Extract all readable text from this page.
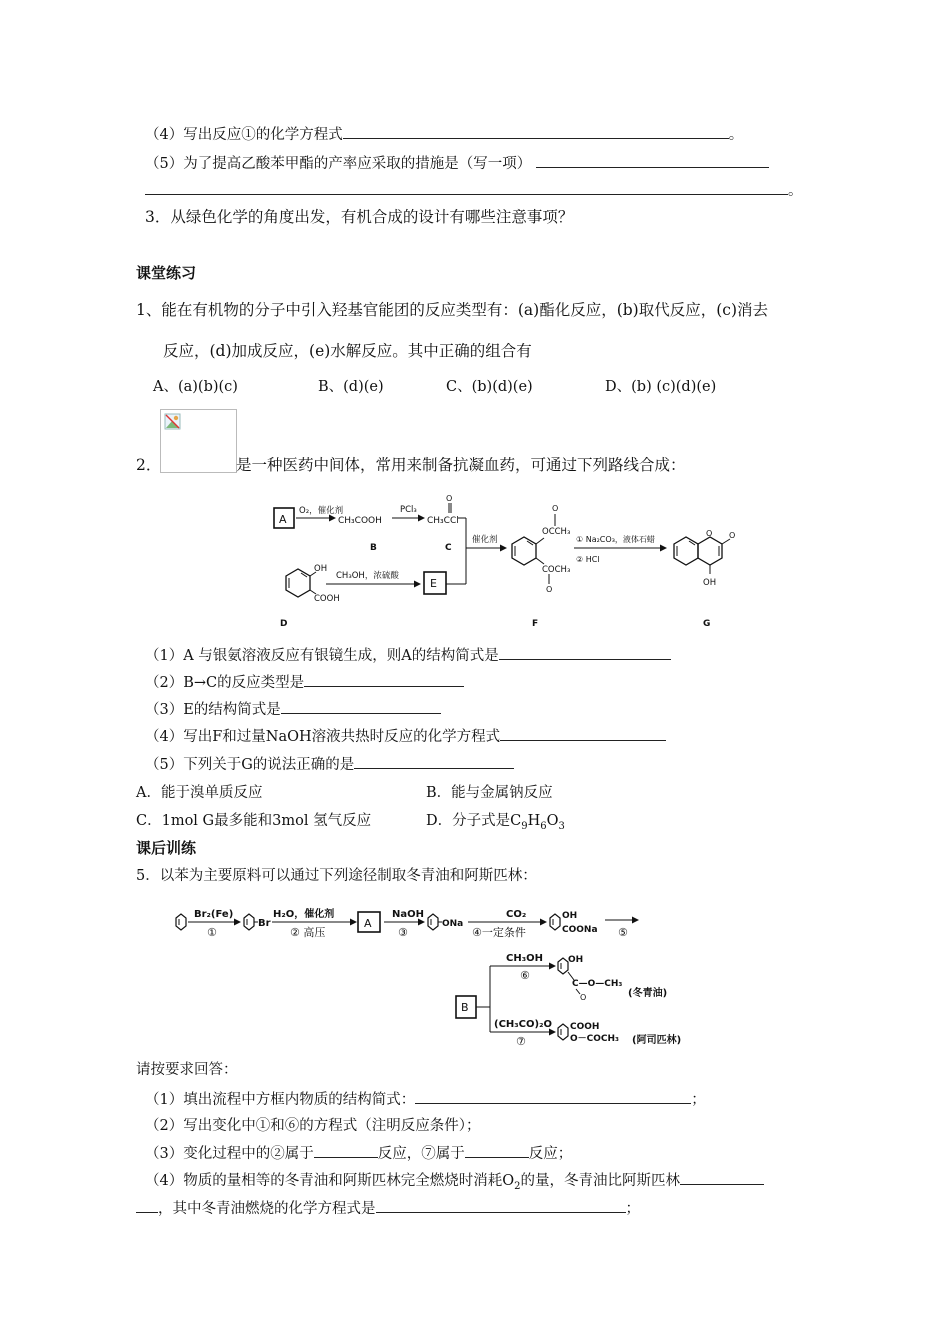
（4）写出反应①的化学方程式	。
（5）为了提高乙酸苯甲酯的产率应采取的措施是（写一项）
。
3．从绿色化学的角度出发，有机合成的设计有哪些注意事项？
课堂练习
1、能在有机物的分子中引入羟基官能团的反应类型有：(a)酯化反应，(b)取代反应，(c)消去
反应，(d)加成反应，(e)水解反应。其中正确的组合有
A、(a)(b)(c)	B、(d)(e)	C、(b)(d)(e)	D、(b) (c)(d)(e)
2．	是一种医药中间体，常用来制备抗凝血药，可通过下列路线合成：
A
O₂，催化剂
CH₃COOH
B
PCl₃
CH₃CCl
O
C
OH
COOH
D
CH₃OH，浓硫酸
E
催化剂
OCCH₃
O
COCH₃
O
F
① Na₂CO₃，液体石蜡
② HCl
O O
OH
G
（1）A 与银氨溶液反应有银镜生成，则A的结构简式是
（2）B→C的反应类型是
（3）E的结构简式是
（4）写出F和过量NaOH溶液共热时反应的化学方程式
（5）下列关于G的说法正确的是
A．能于溴单质反应	B．能与金属钠反应
C．1mol G最多能和3mol 氢气反应	D．分子式是$C_9H_6O_3$
课后训练
5．以苯为主要原料可以通过下列途径制取冬青油和阿斯匹林：
Br₂(Fe)
①
Br
H₂O，催化剂
② 高压
A
NaOH
③
ONa
CO₂
④一定条件
OH
COONa ⑤
B
CH₃OH
⑥
(CH₃CO)₂O
⑦
OH
C—O—CH₃
O	(冬青油)
COOH
O－COCH₃ (阿司匹林)
请按要求回答：
（1）填出流程中方框内物质的结构简式：	；
（2）写出变化中①和⑥的方程式（注明反应条件）；
（3）变化过程中的②属于	反应，⑦属于	反应；
（4）物质的量相等的冬青油和阿斯匹林完全燃烧时消耗$O_2$的量，冬青油比阿斯匹林
，其中冬青油燃烧的化学方程式是	；
